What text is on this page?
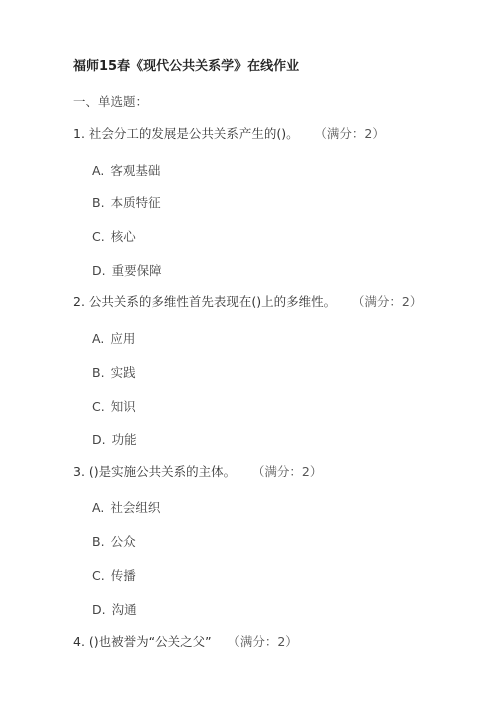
福师15春《现代公共关系学》在线作业
一、单选题：
1. 社会分工的发展是公共关系产生的()。 （满分：2）
A. 客观基础
B. 本质特征
C. 核心
D. 重要保障
2. 公共关系的多维性首先表现在()上的多维性。 （满分：2）
A. 应用
B. 实践
C. 知识
D. 功能
3. ()是实施公共关系的主体。 （满分：2）
A. 社会组织
B. 公众
C. 传播
D. 沟通
4. ()也被誉为“公关之父” （满分：2）
